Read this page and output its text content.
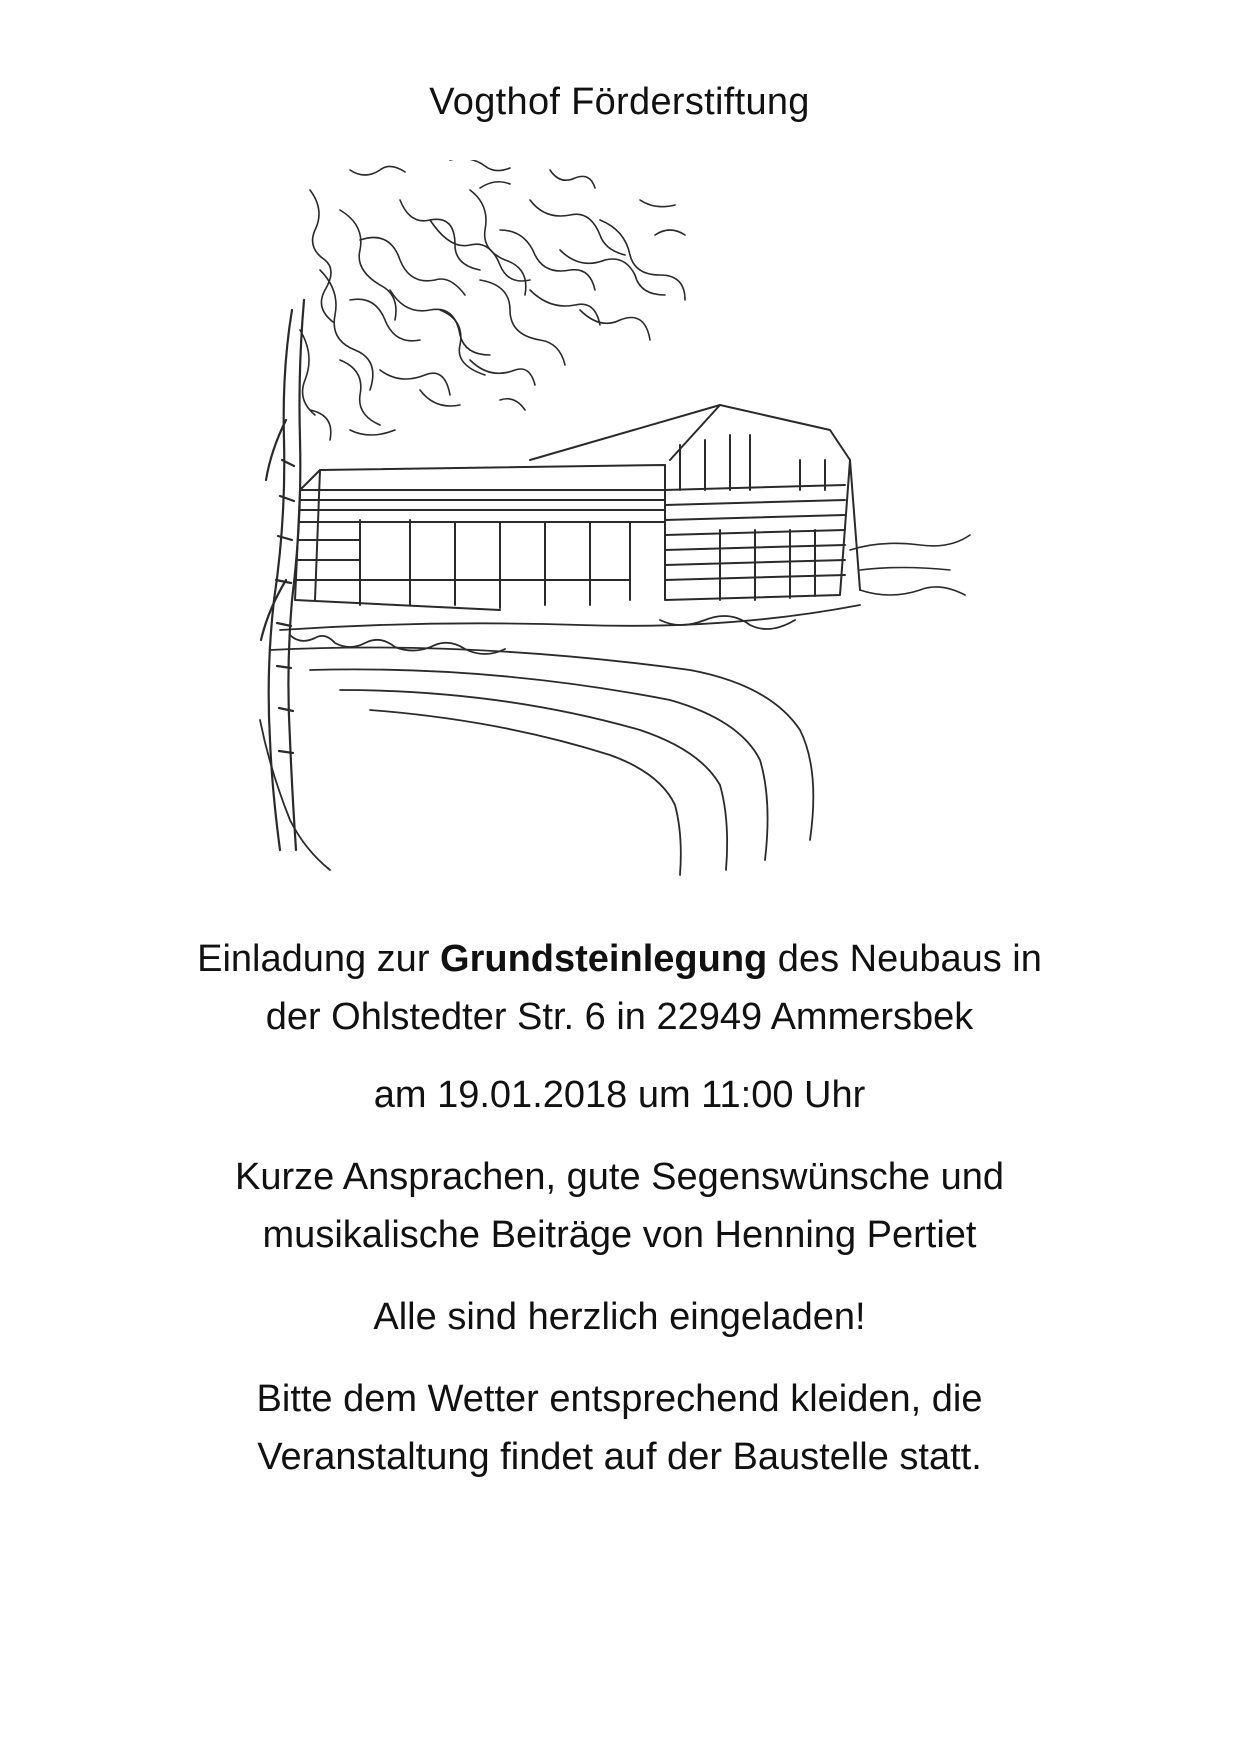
Vogthof Förderstiftung

Einladung zur Grundsteinlegung des Neubaus in
der Ohlstedter Str. 6 in 22949 Ammersbek

am 19.01.2018 um 11:00 Uhr

Kurze Ansprachen, gute Segenswünsche und
musikalische Beiträge von Henning Pertiet

Alle sind herzlich eingeladen!

Bitte dem Wetter entsprechend kleiden, die
Veranstaltung findet auf der Baustelle statt.
